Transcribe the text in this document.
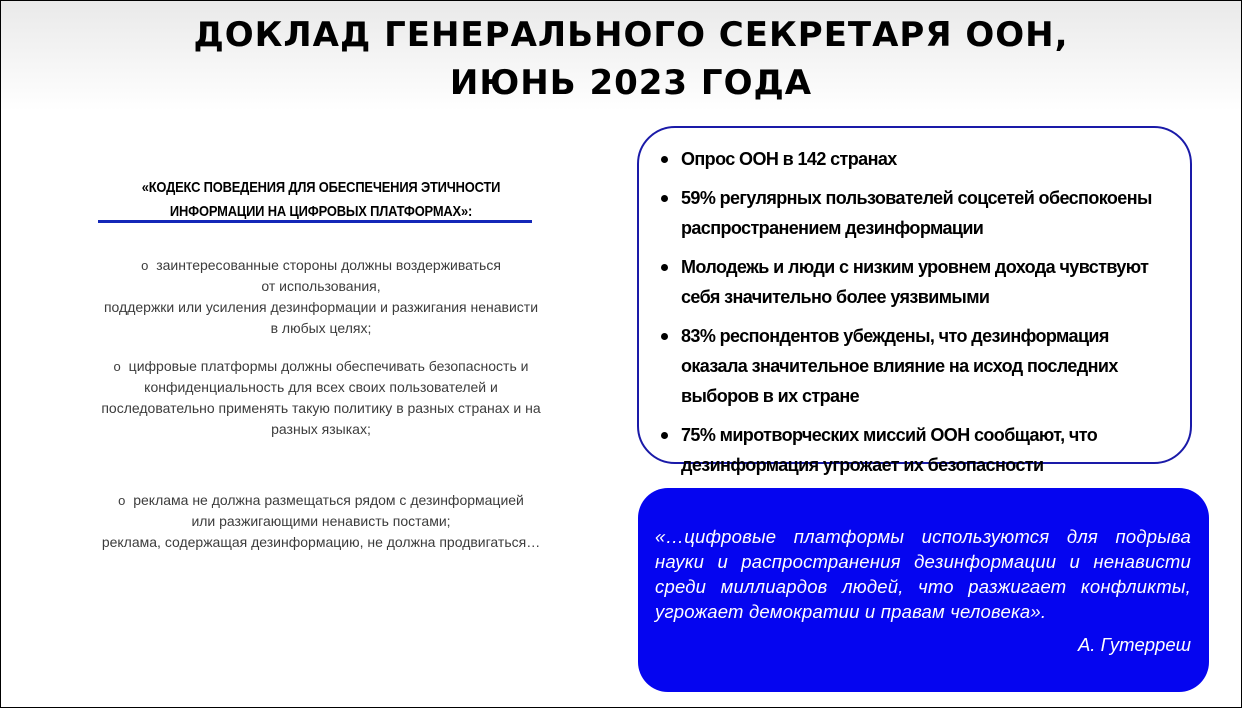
ДОКЛАД ГЕНЕРАЛЬНОГО СЕКРЕТАРЯ ООН,
ИЮНЬ 2023 ГОДА
«КОДЕКС ПОВЕДЕНИЯ ДЛЯ ОБЕСПЕЧЕНИЯ ЭТИЧНОСТИ ИНФОРМАЦИИ НА ЦИФРОВЫХ ПЛАТФОРМАХ»:

o заинтересованные стороны должны воздерживаться
от использования,
поддержки или усиления дезинформации и разжигания ненависти
в любых целях;

o цифровые платформы должны обеспечивать безопасность и
конфиденциальность для всех своих пользователей и
последовательно применять такую политику в разных странах и на
разных языках;

o реклама не должна размещаться рядом с дезинформацией
или разжигающими ненависть постами;
реклама, содержащая дезинформацию, не должна продвигаться…

Опрос ООН в 142 странах
59% регулярных пользователей соцсетей обеспокоены распространением дезинформации
Молодежь и люди с низким уровнем дохода чувствуют себя значительно более уязвимыми
83% респондентов убеждены, что дезинформация оказала значительное влияние на исход последних выборов в их стране
75% миротворческих миссий ООН сообщают, что дезинформация угрожает их безопасности

«…цифровые платформы используются для подрыва науки и распространения дезинформации и ненависти среди миллиардов людей, что разжигает конфликты, угрожает демократии и правам человека».

А. Гутерреш
